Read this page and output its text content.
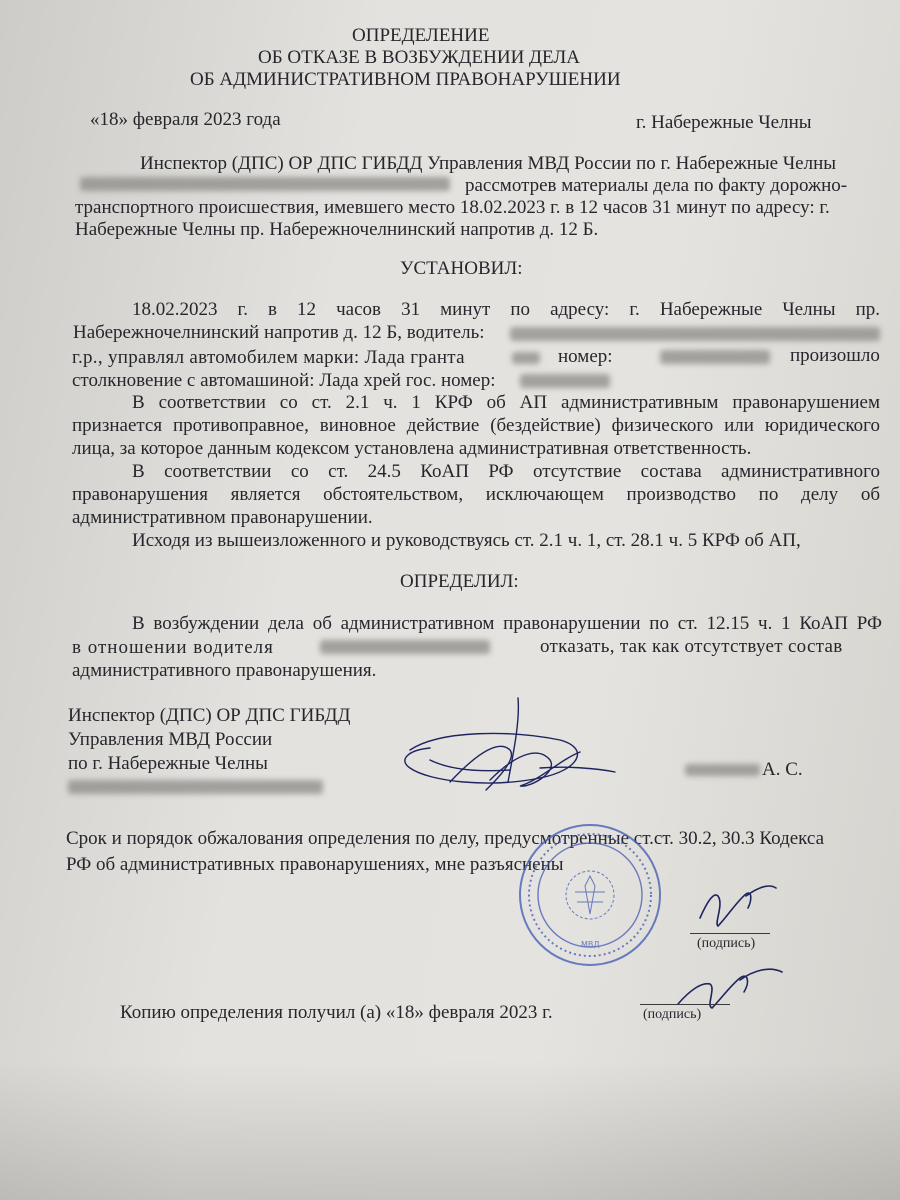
ОПРЕДЕЛЕНИЕ
ОБ ОТКАЗЕ В ВОЗБУЖДЕНИИ ДЕЛА
ОБ АДМИНИСТРАТИВНОМ ПРАВОНАРУШЕНИИ
«18» февраля 2023 года	г. Набережные Челны
Инспектор (ДПС) ОР ДПС ГИБДД Управления МВД России по г. Набережные Челны
рассмотрев материалы дела по факту дорожно-
транспортного происшествия, имевшего место 18.02.2023 г. в 12 часов 31 минут по адресу: г.
Набережные Челны пр. Набережночелнинский напротив д. 12 Б.
УСТАНОВИЛ:
18.02.2023 г. в 12 часов 31 минут по адресу: г. Набережные Челны пр.
Набережночелнинский напротив д. 12 Б, водитель:
г.р., управлял автомобилем марки: Лада гранта	номер:	произошло
столкновение с автомашиной: Лада хрей гос. номер:
В соответствии со ст. 2.1 ч. 1 КРФ об АП административным правонарушением
признается противоправное, виновное действие (бездействие) физического или юридического
лица, за которое данным кодексом установлена административная ответственность.
В соответствии со ст. 24.5 КоАП РФ отсутствие состава административного
правонарушения является обстоятельством, исключающем производство по делу об
административном правонарушении.
Исходя из вышеизложенного и руководствуясь ст. 2.1 ч. 1, ст. 28.1 ч. 5 КРФ об АП,
ОПРЕДЕЛИЛ:
В возбуждении дела об административном правонарушении по ст. 12.15 ч. 1 КоАП РФ
в отношении водителя	отказать, так как отсутствует состав
административного правонарушения.
Инспектор (ДПС) ОР ДПС ГИБДД
Управления МВД России
по г. Набережные Челны	А. С.
Срок и порядок обжалования определения по делу, предусмотренные ст.ст. 30.2, 30.3 Кодекса
РФ об административных правонарушениях, мне разъяснены
МВД	(подпись)
Копию определения получил (а) «18» февраля 2023 г.	(подпись)
